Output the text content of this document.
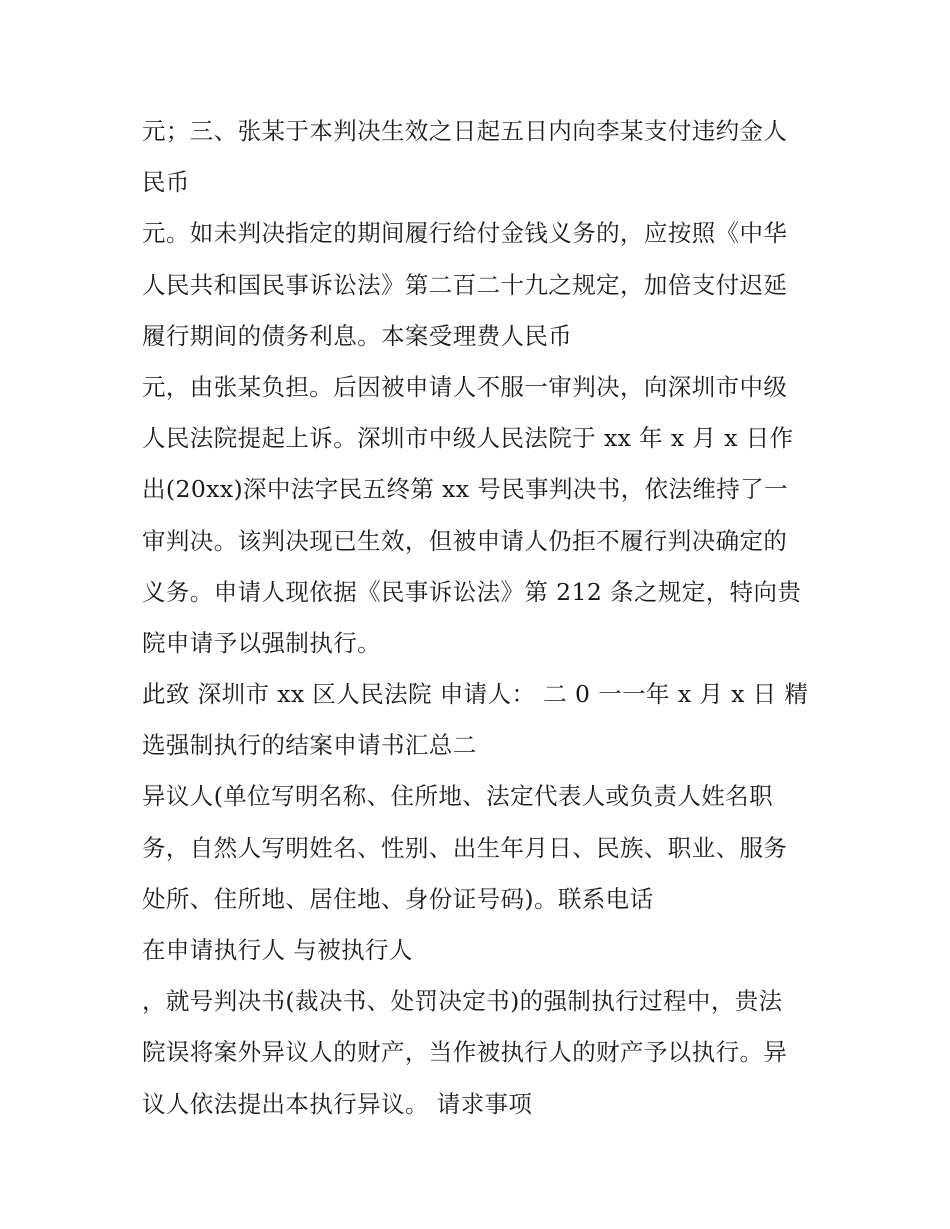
元；三、张某于本判决生效之日起五日内向李某支付违约金人
民币
元。如未判决指定的期间履行给付金钱义务的，应按照《中华
人民共和国民事诉讼法》第二百二十九之规定，加倍支付迟延
履行期间的债务利息。本案受理费人民币
元，由张某负担。后因被申请人不服一审判决，向深圳市中级
人民法院提起上诉。深圳市中级人民法院于 xx 年 x 月 x 日作
出(20xx)深中法字民五终第 xx 号民事判决书，依法维持了一
审判决。该判决现已生效，但被申请人仍拒不履行判决确定的
义务。申请人现依据《民事诉讼法》第 212 条之规定，特向贵
院申请予以强制执行。
此致 深圳市 xx 区人民法院 申请人： 二 0 一一年 x 月 x 日 精
选强制执行的结案申请书汇总二
异议人(单位写明名称、住所地、法定代表人或负责人姓名职
务，自然人写明姓名、性别、出生年月日、民族、职业、服务
处所、住所地、居住地、身份证号码)。联系电话
在申请执行人 与被执行人
，就号判决书(裁决书、处罚决定书)的强制执行过程中，贵法
院误将案外异议人的财产，当作被执行人的财产予以执行。异
议人依法提出本执行异议。 请求事项
